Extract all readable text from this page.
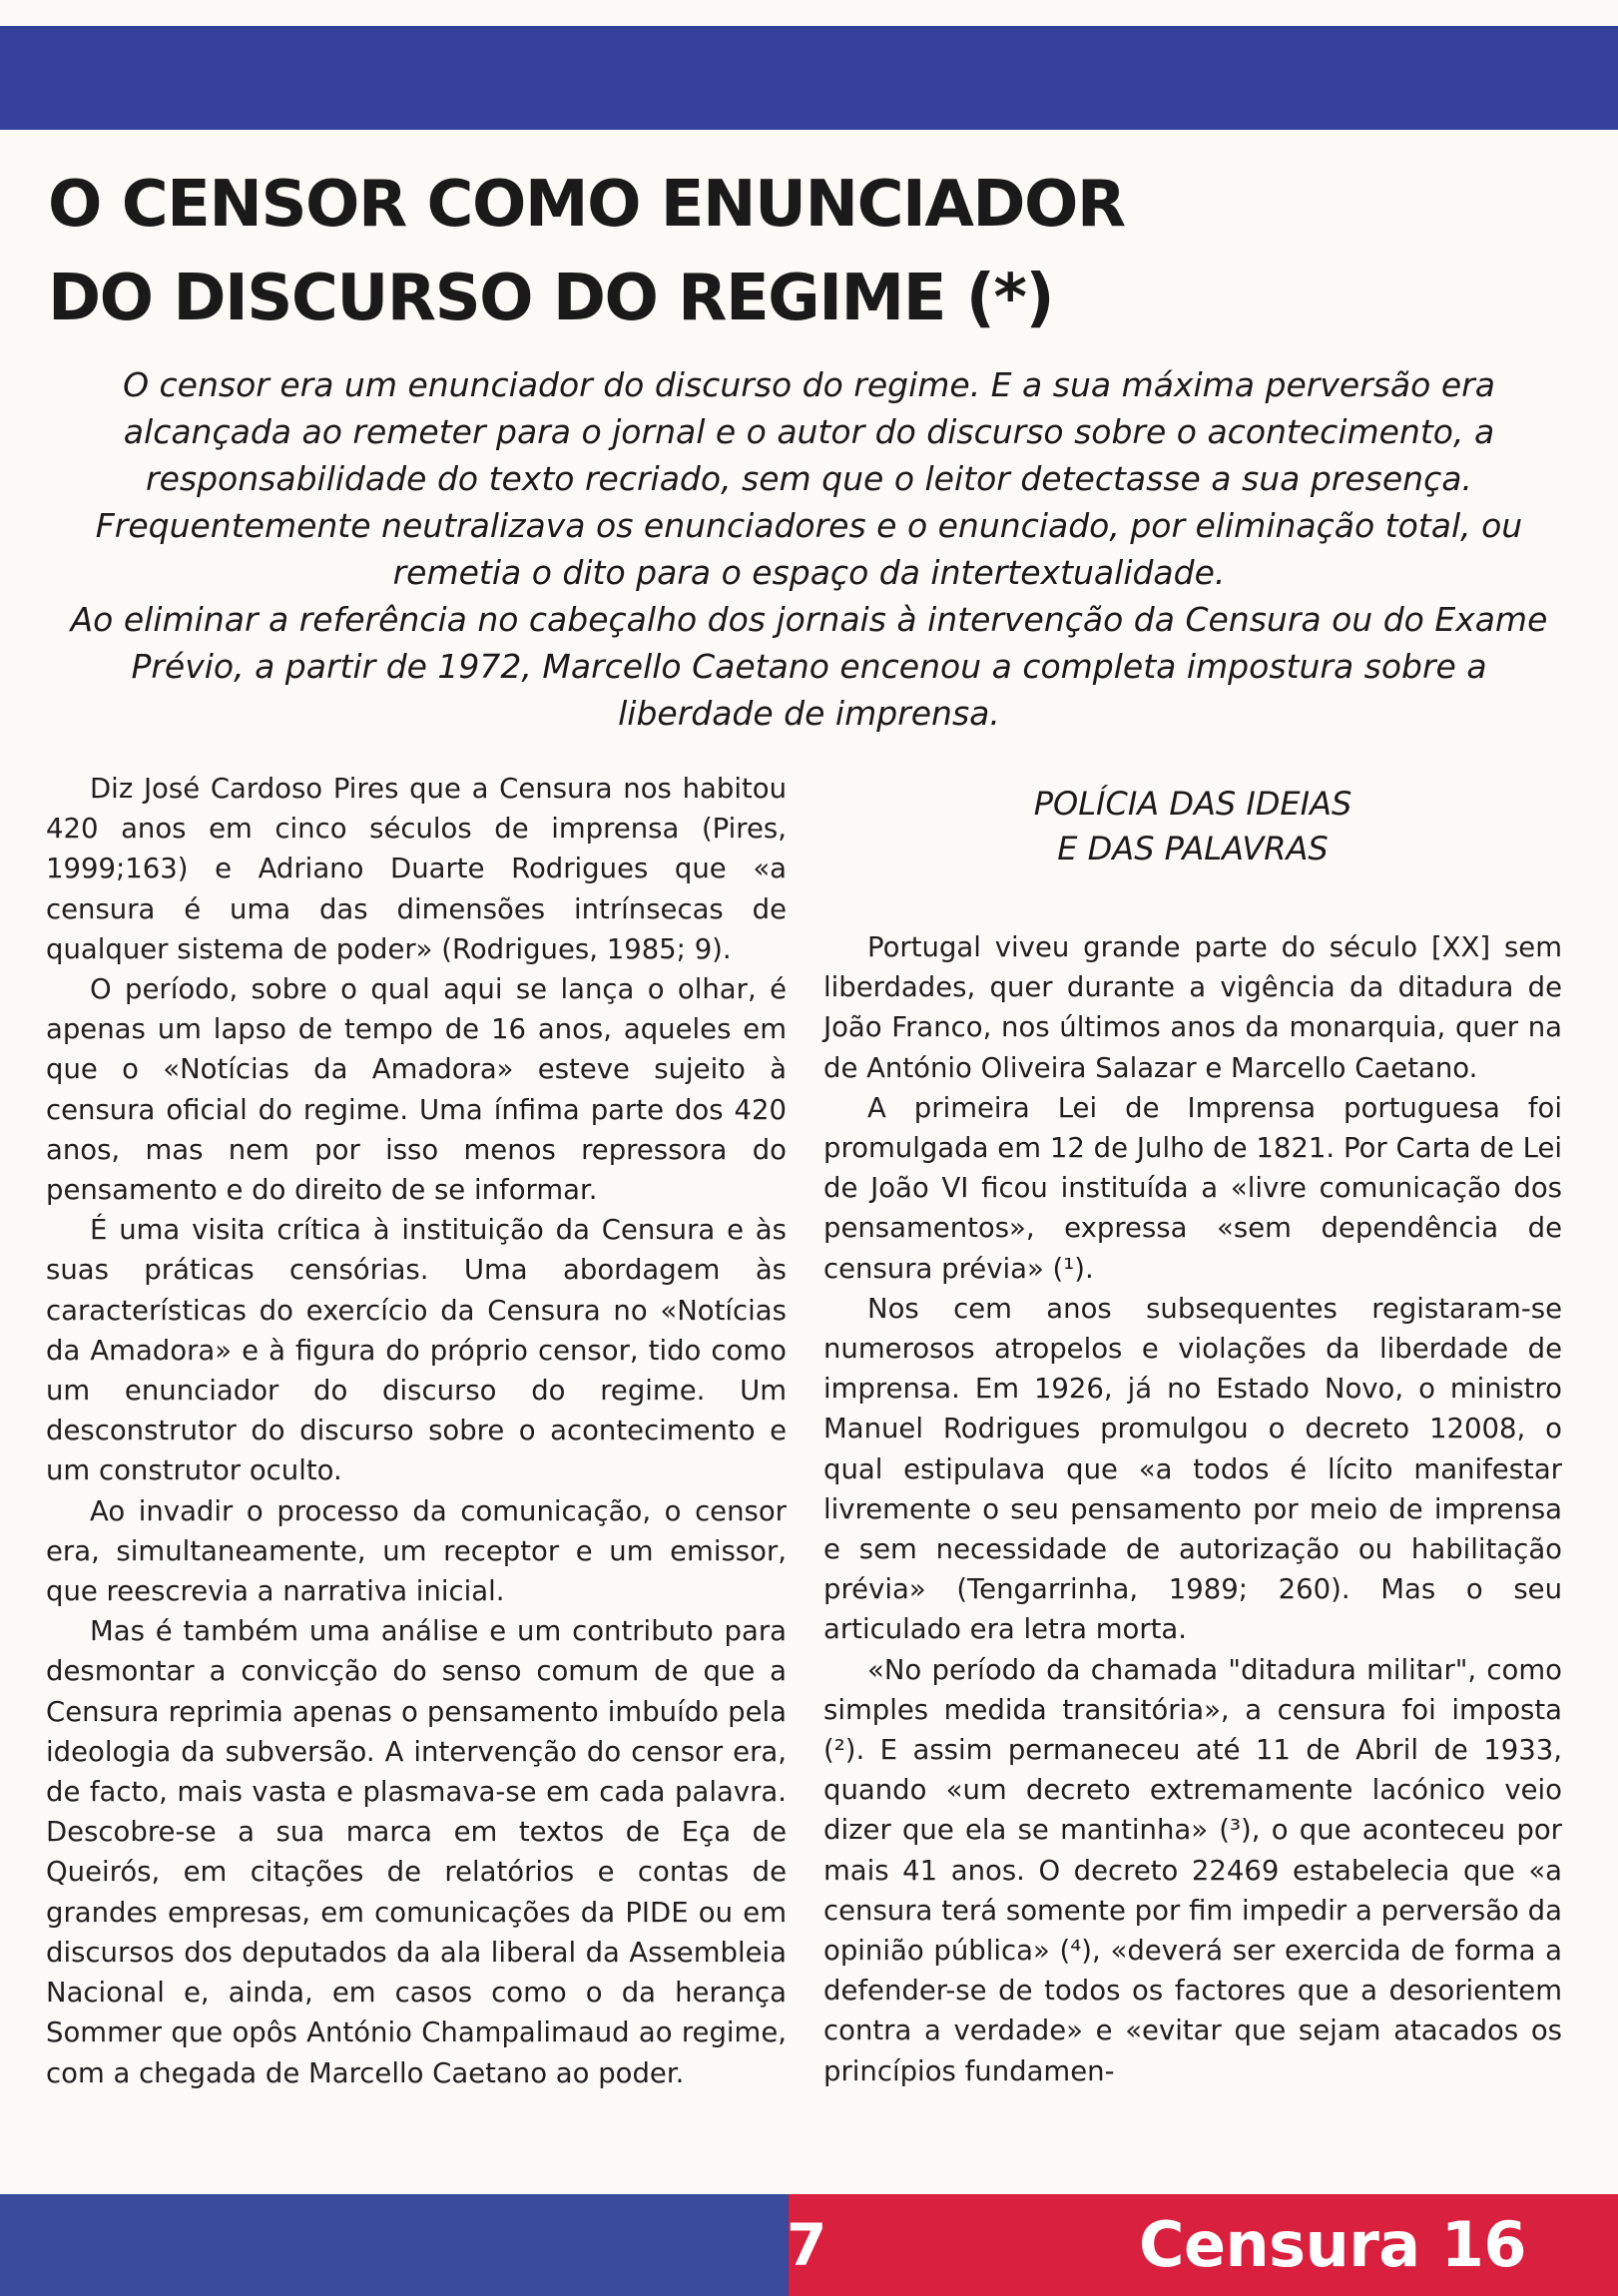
O CENSOR COMO ENUNCIADOR
DO DISCURSO DO REGIME (*)

O censor era um enunciador do discurso do regime. E a sua máxima perversão era alcançada ao remeter para o jornal e o autor do discurso sobre o acontecimento, a responsabilidade do texto recriado, sem que o leitor detectasse a sua presença. Frequentemente neutralizava os enunciadores e o enunciado, por eliminação total, ou remetia o dito para o espaço da intertextualidade.

Ao eliminar a referência no cabeçalho dos jornais à intervenção da Censura ou do Exame Prévio, a partir de 1972, Marcello Caetano encenou a completa impostura sobre a liberdade de imprensa.

Diz José Cardoso Pires que a Censura nos habitou 420 anos em cinco séculos de imprensa (Pires, 1999;163) e Adriano Duarte Rodrigues que «a censura é uma das dimensões intrínsecas de qualquer sistema de poder» (Rodrigues, 1985; 9).

O período, sobre o qual aqui se lança o olhar, é apenas um lapso de tempo de 16 anos, aqueles em que o «Notícias da Amadora» esteve sujeito à censura oficial do regime. Uma ínfima parte dos 420 anos, mas nem por isso menos repressora do pensamento e do direito de se informar.

É uma visita crítica à instituição da Censura e às suas práticas censórias. Uma abordagem às características do exercício da Censura no «Notícias da Amadora» e à figura do próprio censor, tido como um enunciador do discurso do regime. Um desconstrutor do discurso sobre o acontecimento e um construtor oculto.

Ao invadir o processo da comunicação, o censor era, simultaneamente, um receptor e um emissor, que reescrevia a narrativa inicial.

Mas é também uma análise e um contributo para desmontar a convicção do senso comum de que a Censura reprimia apenas o pensamento imbuído pela ideologia da subversão. A intervenção do censor era, de facto, mais vasta e plasmava-se em cada palavra. Descobre-se a sua marca em textos de Eça de Queirós, em citações de relatórios e contas de grandes empresas, em comunicações da PIDE ou em discursos dos deputados da ala liberal da Assembleia Nacional e, ainda, em casos como o da herança Sommer que opôs António Champalimaud ao regime, com a chegada de Marcello Caetano ao poder.

POLÍCIA DAS IDEIAS
E DAS PALAVRAS

Portugal viveu grande parte do século [XX] sem liberdades, quer durante a vigência da ditadura de João Franco, nos últimos anos da monarquia, quer na de António Oliveira Salazar e Marcello Caetano.

A primeira Lei de Imprensa portuguesa foi promulgada em 12 de Julho de 1821. Por Carta de Lei de João VI ficou instituída a «livre comunicação dos pensamentos», expressa «sem dependência de censura prévia» (¹).

Nos cem anos subsequentes registaram-se numerosos atropelos e violações da liberdade de imprensa. Em 1926, já no Estado Novo, o ministro Manuel Rodrigues promulgou o decreto 12008, o qual estipulava que «a todos é lícito manifestar livremente o seu pensamento por meio de imprensa e sem necessidade de autorização ou habilitação prévia» (Tengarrinha, 1989; 260). Mas o seu articulado era letra morta.

«No período da chamada "ditadura militar", como simples medida transitória», a censura foi imposta (²). E assim permaneceu até 11 de Abril de 1933, quando «um decreto extremamente lacónico veio dizer que ela se mantinha» (³), o que aconteceu por mais 41 anos. O decreto 22469 estabelecia que «a censura terá somente por fim impedir a perversão da opinião pública» (⁴), «deverá ser exercida de forma a defender-se de todos os factores que a desorientem contra a verdade» e «evitar que sejam atacados os princípios fundamen-

7	Censura 16
